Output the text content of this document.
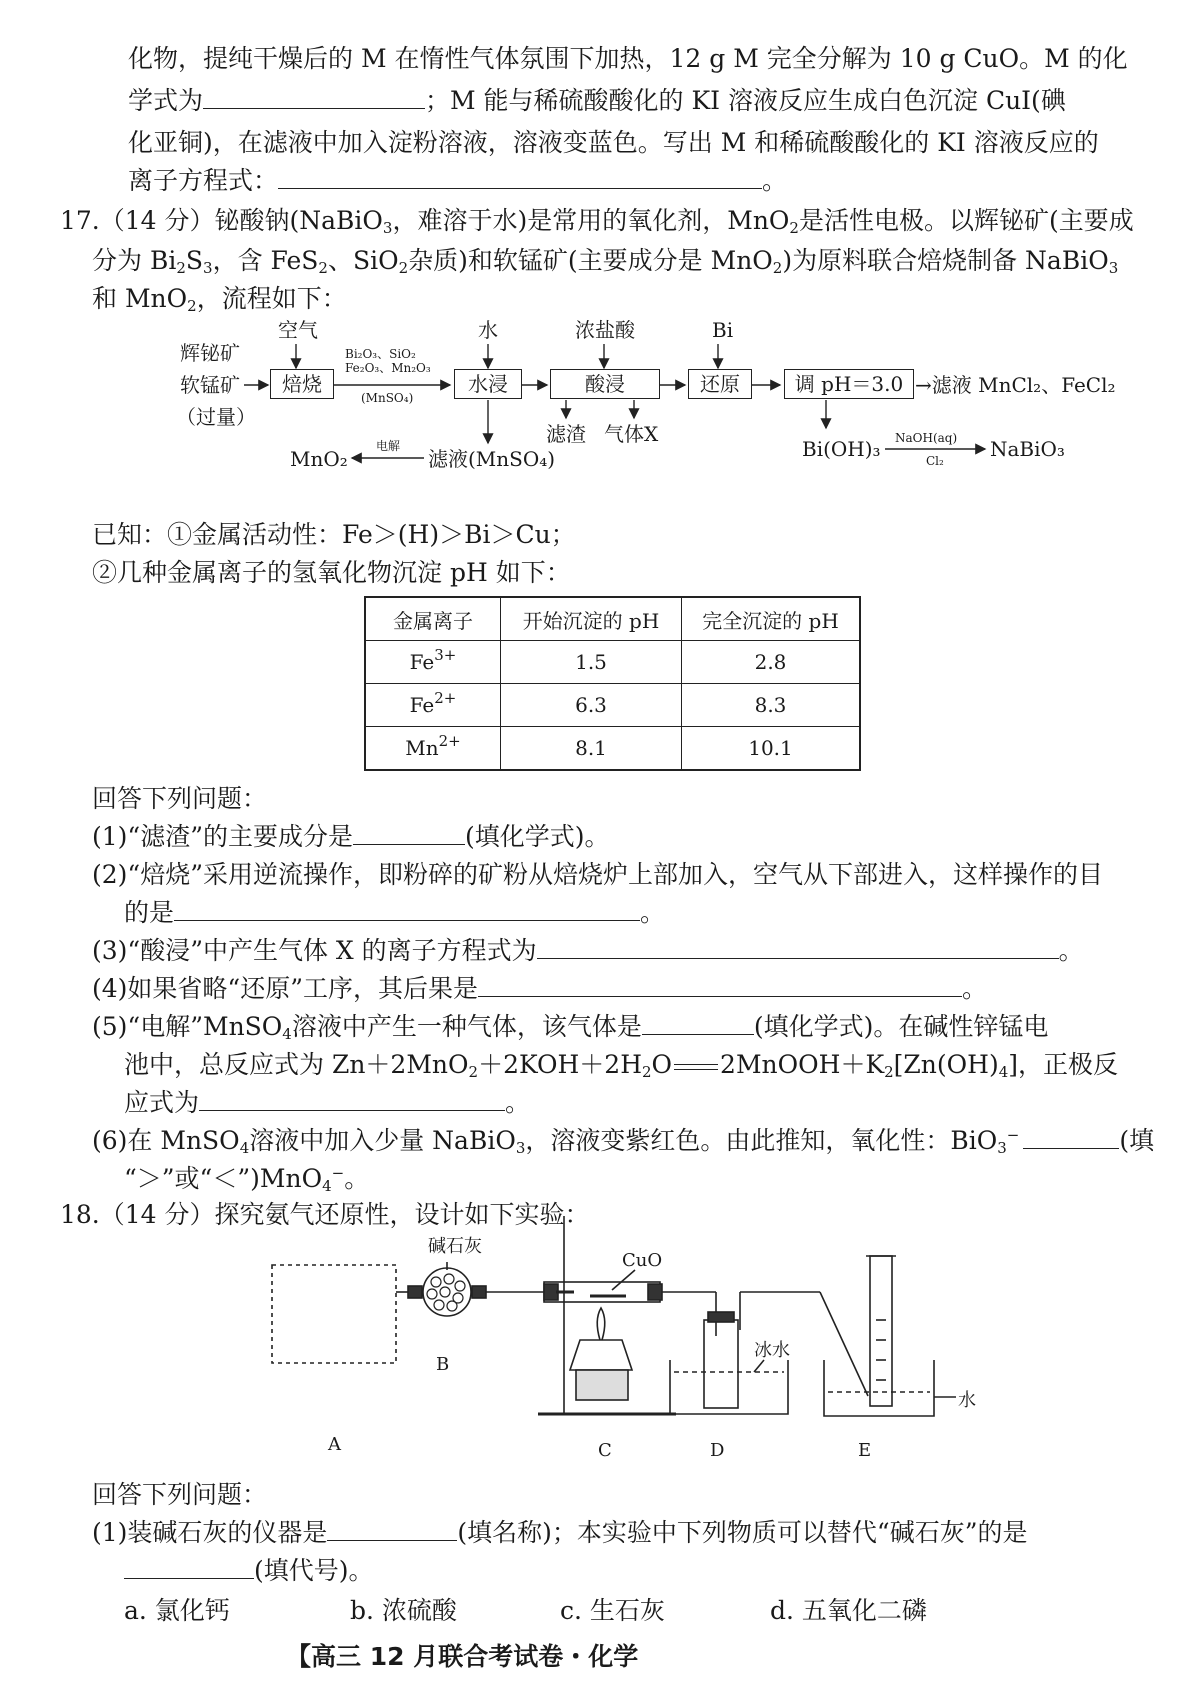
化物，提纯干燥后的 M 在惰性气体氛围下加热，12 g M 完全分解为 10 g CuO。M 的化
学式为	；M 能与稀硫酸酸化的 KI 溶液反应生成白色沉淀 CuI(碘
化亚铜)，在滤液中加入淀粉溶液，溶液变蓝色。写出 M 和稀硫酸酸化的 KI 溶液反应的
离子方程式：	。
17.（14 分）铋酸钠(NaBiO$_3$，难溶于水)是常用的氧化剂，MnO$_2$是活性电极。以辉铋矿(主要成
分为 $Bi_2S_3$，含 FeS$_2$、SiO$_2$杂质)和软锰矿(主要成分是 MnO$_2$)为原料联合焙烧制备 NaBiO$_3$
和 MnO$_2$，流程如下：
辉铋矿
软锰矿
（过量）
空气	水	浓盐酸	Bi
焙烧	水浸	酸浸	还原	调 pH＝3.0
Bi₂O₃、SiO₂
Fe₂O₃、Mn₂O₃
(MnSO₄)
→滤液 MnCl₂、FeCl₂
滤渣 气体X
Bi(OH)₃ NaOH(aq)
Cl₂ NaBiO₃
电解
MnO₂	滤液(MnSO₄)
已知：①金属活动性：Fe＞(H)＞Bi＞Cu；
②几种金属离子的氢氧化物沉淀 pH 如下：
金属离子	开始沉淀的 pH	完全沉淀的 pH
$Fe^{3+}$	1.5	2.8
$Fe^{2+}$	6.3	8.3
$Mn^{2+}$	8.1	10.1
回答下列问题：
(1)“滤渣”的主要成分是	(填化学式)。
(2)“焙烧”采用逆流操作，即粉碎的矿粉从焙烧炉上部加入，空气从下部进入，这样操作的目
的是	。
(3)“酸浸”中产生气体 X 的离子方程式为	。
(4)如果省略“还原”工序，其后果是	。
(5)“电解”MnSO$_4$溶液中产生一种气体，该气体是	(填化学式)。在碱性锌锰电
池中，总反应式为 $Zn+2MnO_2+2KOH+2H_2O$ $2MnOOH+K_2[Zn(OH)_4]$，正极反
应式为	。
(6)在 MnSO$_4$溶液中加入少量 NaBiO$_3$，溶液变紫红色。由此推知，氧化性：BiO$_3$−	(填
“＞”或“＜”)MnO$_4$−。
18.（14 分）探究氨气还原性，设计如下实验：
碱石灰
CuO
冰水
水
A
B
C	D	E
回答下列问题：
(1)装碱石灰的仪器是	(填名称)；本实验中下列物质可以替代“碱石灰”的是
(填代号)。
a. 氯化钙	b. 浓硫酸	c. 生石灰	d. 五氧化二磷
【高三 12 月联合考试卷・化学
